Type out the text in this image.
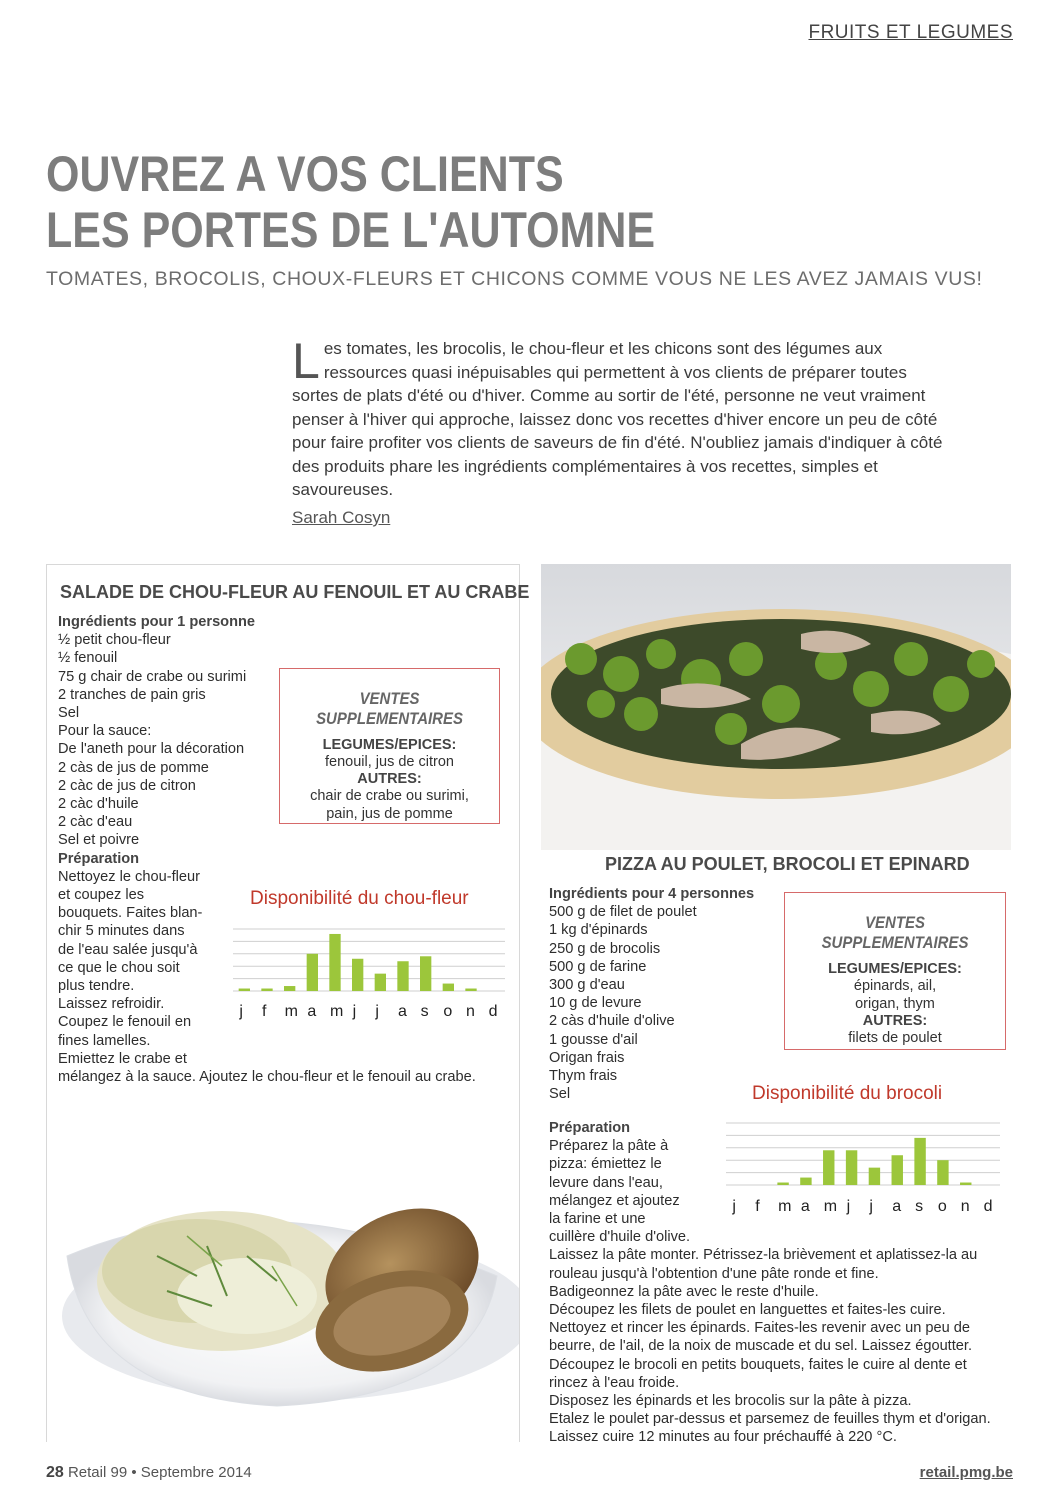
FRUITS ET LEGUMES
OUVREZ A VOS CLIENTS
LES PORTES DE L'AUTOMNE
TOMATES, BROCOLIS, CHOUX-FLEURS ET CHICONS COMME VOUS NE LES AVEZ JAMAIS VUS!
Les tomates, les brocolis, le chou-fleur et les chicons sont des légumes aux ressources quasi inépuisables qui permettent à vos clients de préparer toutes sortes de plats d'été ou d'hiver. Comme au sortir de l'été, personne ne veut vraiment penser à l'hiver qui approche, laissez donc vos recettes d'hiver encore un peu de côté pour faire profiter vos clients de saveurs de fin d'été. N'oubliez jamais d'indiquer à côté des produits phare les ingrédients complémentaires à vos recettes, simples et savoureuses.
Sarah Cosyn
SALADE DE CHOU-FLEUR AU FENOUIL ET AU CRABE
Ingrédients pour 1 personne
½ petit chou-fleur
½ fenouil
75 g chair de crabe ou surimi
2 tranches de pain gris
Sel
Pour la sauce:
De l'aneth pour la décoration
2 càs de jus de pomme
2 càc de jus de citron
2 càc d'huile
2 càc d'eau
Sel et poivre
Préparation
Nettoyez le chou-fleur
et coupez les
bouquets. Faites blan-
chir 5 minutes dans
de l'eau salée jusqu'à
ce que le chou soit
plus tendre.
Laissez refroidir.
Coupez le fenouil en
fines lamelles.
Emiettez le crabe et
mélangez à la sauce. Ajoutez le chou-fleur et le fenouil au crabe.
VENTES SUPPLEMENTAIRES
LEGUMES/EPICES:
fenouil, jus de citron
AUTRES:
chair de crabe ou surimi,
pain, jus de pomme
Disponibilité du chou-fleur
j f m a m j j a s o n d
PIZZA AU POULET, BROCOLI ET EPINARD
Ingrédients pour 4 personnes
500 g de filet de poulet
1 kg d'épinards
250 g de brocolis
500 g de farine
300 g d'eau
10 g de levure
2 càs d'huile d'olive
1 gousse d'ail
Origan frais
Thym frais
Sel
Préparation
Préparez la pâte à
pizza: émiettez le
levure dans l'eau,
mélangez et ajoutez
la farine et une
cuillère d'huile d'olive.
Laissez la pâte monter. Pétrissez-la brièvement et aplatissez-la au
rouleau jusqu'à l'obtention d'une pâte ronde et fine.
Badigeonnez la pâte avec le reste d'huile.
Découpez les filets de poulet en languettes et faites-les cuire.
Nettoyez et rincer les épinards. Faites-les revenir avec un peu de
beurre, de l'ail, de la noix de muscade et du sel. Laissez égoutter.
Découpez le brocoli en petits bouquets, faites le cuire al dente et
rincez à l'eau froide.
Disposez les épinards et les brocolis sur la pâte à pizza.
Etalez le poulet par-dessus et parsemez de feuilles thym et d'origan.
Laissez cuire 12 minutes au four préchauffé à 220 °C.
VENTES SUPPLEMENTAIRES
LEGUMES/EPICES:
épinards, ail,
origan, thym
AUTRES:
filets de poulet
Disponibilité du brocoli
j f m a m j j a s o n d
28 Retail 99 • Septembre 2014	retail.pmg.be
